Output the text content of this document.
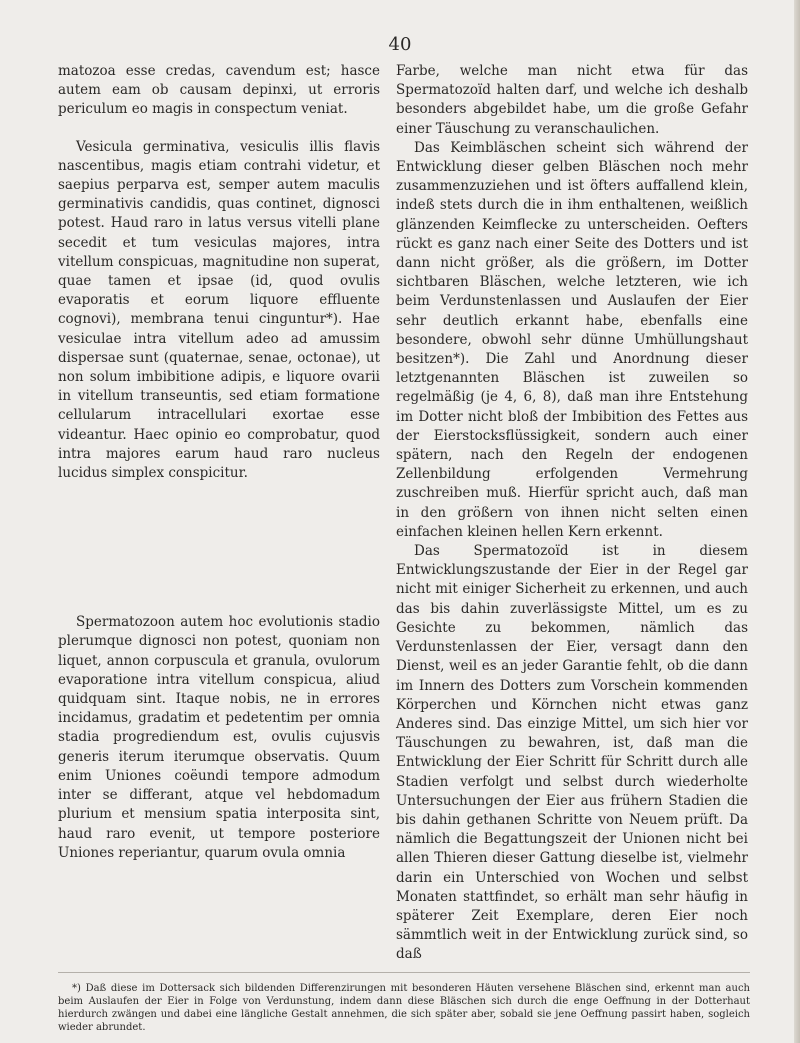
40

matozoa esse credas, cavendum est; hasce autem eam ob causam depinxi, ut erroris periculum eo magis in conspectum veniat.

Vesicula germinativa, vesiculis illis flavis nascentibus, magis etiam contrahi videtur, et saepius perparva est, semper autem maculis germinativis candidis, quas continet, dignosci potest. Haud raro in latus versus vitelli plane secedit et tum vesiculas majores, intra vitellum conspicuas, magnitudine non superat, quae tamen et ipsae (id, quod ovulis evaporatis et eorum liquore effluente cognovi), membrana tenui cinguntur*). Hae vesiculae intra vitellum adeo ad amussim dispersae sunt (quaternae, senae, octonae), ut non solum imbibitione adipis, e liquore ovarii in vitellum transeuntis, sed etiam formatione cellularum intracellulari exortae esse videantur. Haec opinio eo comprobatur, quod intra majores earum haud raro nucleus lucidus simplex conspicitur.

Spermatozoon autem hoc evolutionis stadio plerumque dignosci non potest, quoniam non liquet, annon corpuscula et granula, ovulorum evaporatione intra vitellum conspicua, aliud quidquam sint. Itaque nobis, ne in errores incidamus, gradatim et pedetentim per omnia stadia progrediendum est, ovulis cujusvis generis iterum iterumque observatis. Quum enim Uniones coëundi tempore admodum inter se differant, atque vel hebdomadum plurium et mensium spatia interposita sint, haud raro evenit, ut tempore posteriore Uniones reperiantur, quarum ovula omnia

Farbe, welche man nicht etwa für das Spermatozoïd halten darf, und welche ich deshalb besonders abgebildet habe, um die große Gefahr einer Täuschung zu veranschaulichen.

Das Keimbläschen scheint sich während der Entwicklung dieser gelben Bläschen noch mehr zusammenzuziehen und ist öfters auffallend klein, indeß stets durch die in ihm enthaltenen, weißlich glänzenden Keimflecke zu unterscheiden. Oefters rückt es ganz nach einer Seite des Dotters und ist dann nicht größer, als die größern, im Dotter sichtbaren Bläschen, welche letzteren, wie ich beim Verdunstenlassen und Auslaufen der Eier sehr deutlich erkannt habe, ebenfalls eine besondere, obwohl sehr dünne Umhüllungshaut besitzen*). Die Zahl und Anordnung dieser letztgenannten Bläschen ist zuweilen so regelmäßig (je 4, 6, 8), daß man ihre Entstehung im Dotter nicht bloß der Imbibition des Fettes aus der Eierstocksflüssigkeit, sondern auch einer spätern, nach den Regeln der endogenen Zellenbildung erfolgenden Vermehrung zuschreiben muß. Hierfür spricht auch, daß man in den größern von ihnen nicht selten einen einfachen kleinen hellen Kern erkennt.

Das Spermatozoïd ist in diesem Entwicklungszustande der Eier in der Regel gar nicht mit einiger Sicherheit zu erkennen, und auch das bis dahin zuverlässigste Mittel, um es zu Gesichte zu bekommen, nämlich das Verdunstenlassen der Eier, versagt dann den Dienst, weil es an jeder Garantie fehlt, ob die dann im Innern des Dotters zum Vorschein kommenden Körperchen und Körnchen nicht etwas ganz Anderes sind. Das einzige Mittel, um sich hier vor Täuschungen zu bewahren, ist, daß man die Entwicklung der Eier Schritt für Schritt durch alle Stadien verfolgt und selbst durch wiederholte Untersuchungen der Eier aus frühern Stadien die bis dahin gethanen Schritte von Neuem prüft. Da nämlich die Begattungszeit der Unionen nicht bei allen Thieren dieser Gattung dieselbe ist, vielmehr darin ein Unterschied von Wochen und selbst Monaten stattfindet, so erhält man sehr häufig in späterer Zeit Exemplare, deren Eier noch sämmtlich weit in der Entwicklung zurück sind, so daß

*) Daß diese im Dottersack sich bildenden Differenzirungen mit besonderen Häuten versehene Bläschen sind, erkennt man auch beim Auslaufen der Eier in Folge von Verdunstung, indem dann diese Bläschen sich durch die enge Oeffnung in der Dotterhaut hierdurch zwängen und dabei eine längliche Gestalt annehmen, die sich später aber, sobald sie jene Oeffnung passirt haben, sogleich wieder abrundet.
